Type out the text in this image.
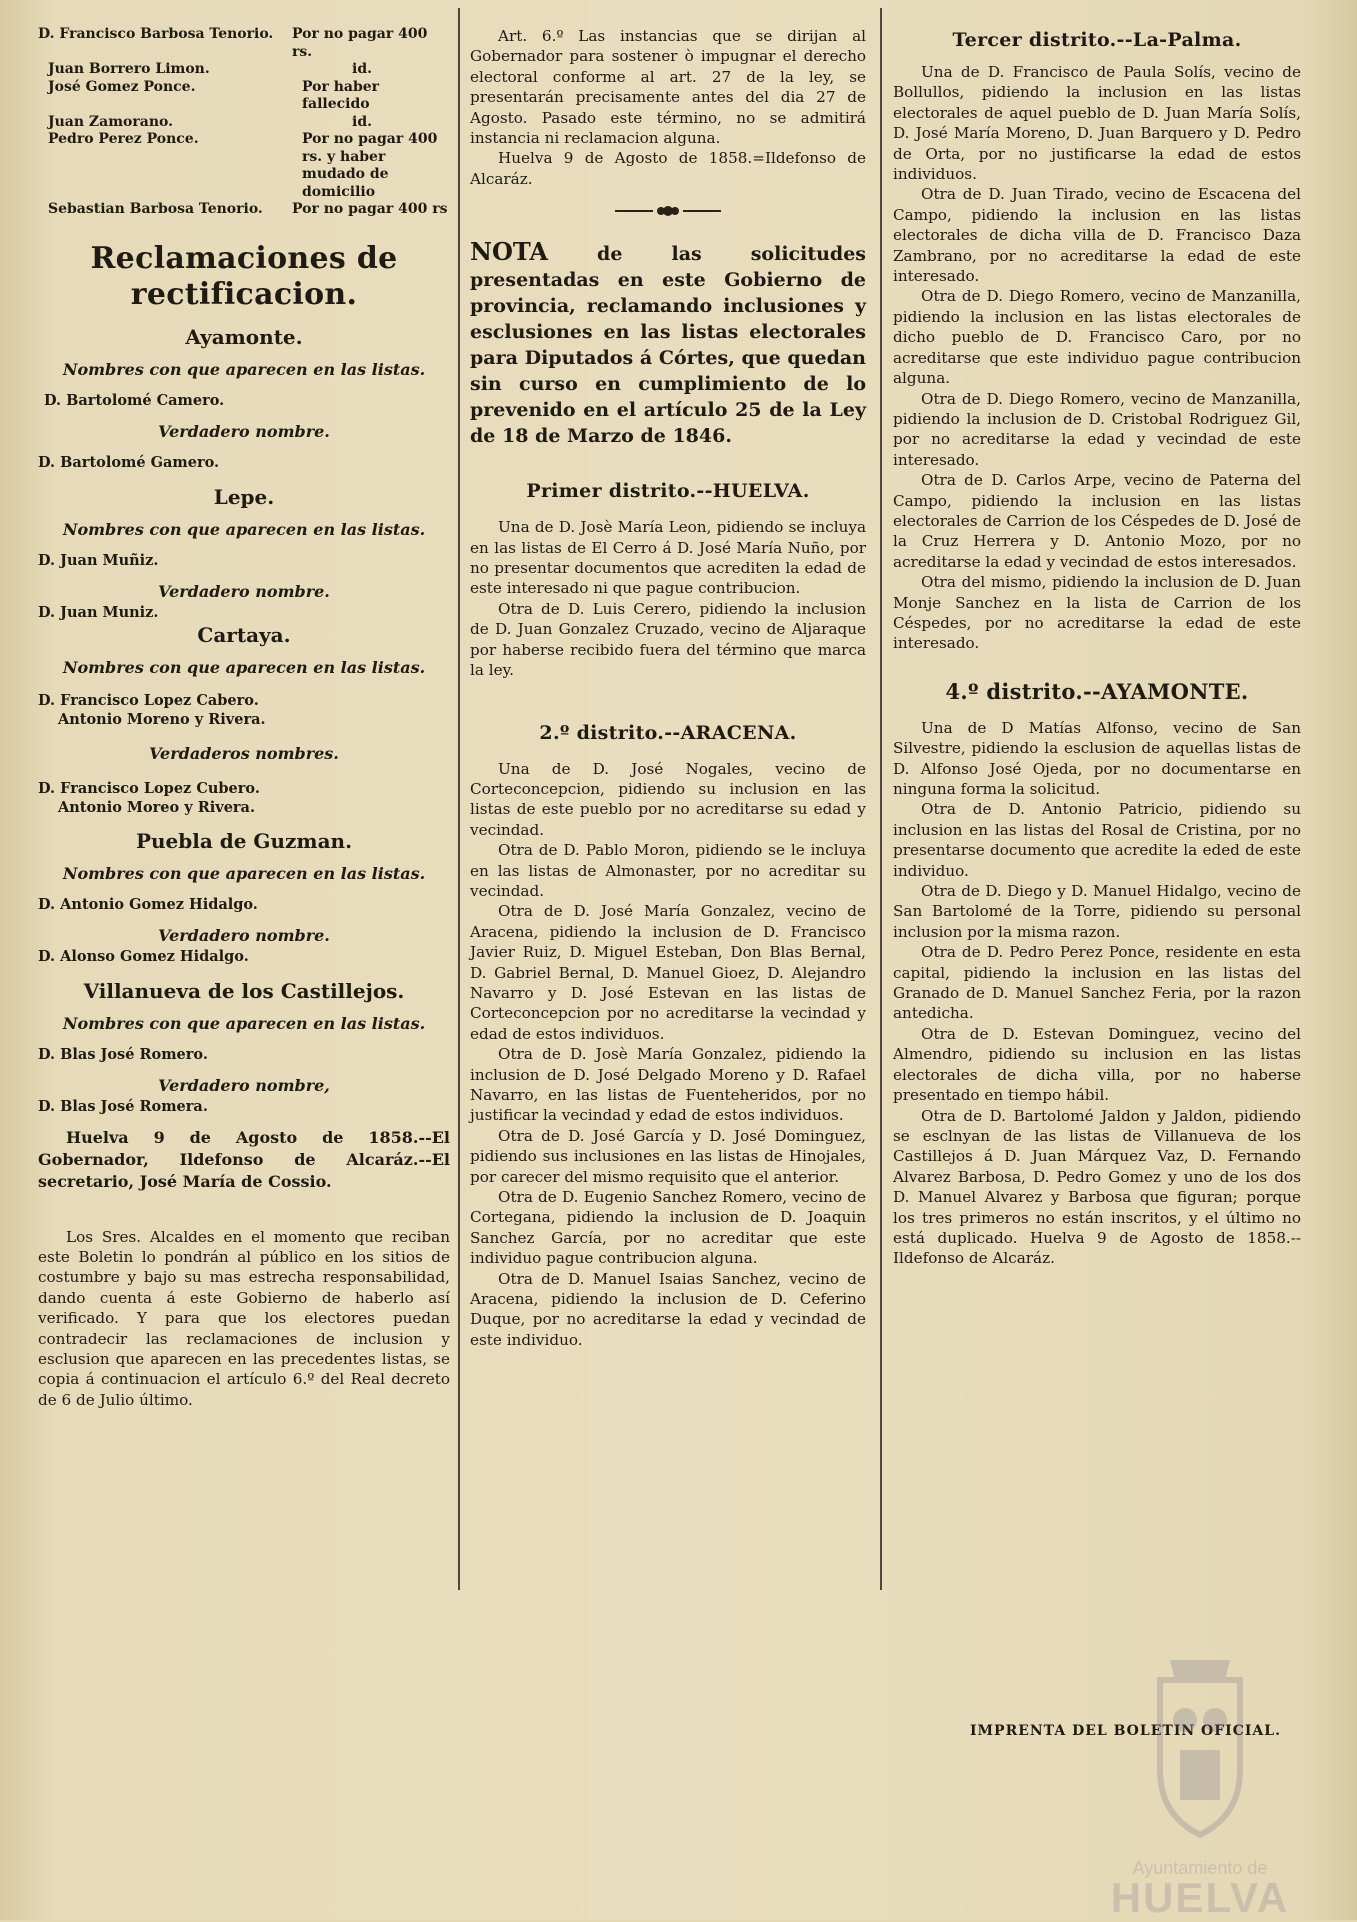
D. Francisco Barbosa Tenorio.	Por no pagar 400 rs.
Juan Borrero Limon.	id.
José Gomez Ponce.	Por haber fallecido
Juan Zamorano.	id.
Pedro Perez Ponce.	Por no pagar 400 rs. y haber mudado de domicilio
Sebastian Barbosa Tenorio.	Por no pagar 400 rs
Reclamaciones de rectificacion.
Ayamonte.
Nombres con que aparecen en las listas.
D. Bartolomé Camero.
Verdadero nombre.
D. Bartolomé Gamero.
Lepe.
Nombres con que aparecen en las listas.
D. Juan Muñiz.
Verdadero nombre.
D. Juan Muniz.
Cartaya.
Nombres con que aparecen en las listas.
D. Francisco Lopez Cabero.
Antonio Moreno y Rivera.
Verdaderos nombres.
D. Francisco Lopez Cubero.
Antonio Moreo y Rivera.
Puebla de Guzman.
Nombres con que aparecen en las listas.
D. Antonio Gomez Hidalgo.
Verdadero nombre.
D. Alonso Gomez Hidalgo.
Villanueva de los Castillejos.
Nombres con que aparecen en las listas.
D. Blas José Romero.
Verdadero nombre,
D. Blas José Romera.

Huelva 9 de Agosto de 1858.--El Gobernador, Ildefonso de Alcaráz.--El secretario, José María de Cossio.

Los Sres. Alcaldes en el momento que reciban este Boletin lo pondrán al público en los sitios de costumbre y bajo su mas estrecha responsabilidad, dando cuenta á este Gobierno de haberlo así verificado. Y para que los electores puedan contradecir las reclamaciones de inclusion y esclusion que aparecen en las precedentes listas, se copia á continuacion el artículo 6.º del Real decreto de 6 de Julio último.

Art. 6.º Las instancias que se dirijan al Gobernador para sostener ò impugnar el derecho electoral conforme al art. 27 de la ley, se presentarán precisamente antes del dia 27 de Agosto. Pasado este término, no se admitirá instancia ni reclamacion alguna.

Huelva 9 de Agosto de 1858.=Ildefonso de Alcaráz.

NOTA de las solicitudes presentadas en este Gobierno de provincia, reclamando inclusiones y esclusiones en las listas electorales para Diputados á Córtes, que quedan sin curso en cumplimiento de lo prevenido en el artículo 25 de la Ley de 18 de Marzo de 1846.

Primer distrito.--HUELVA.

Una de D. Josè María Leon, pidiendo se incluya en las listas de El Cerro á D. José María Nuño, por no presentar documentos que acrediten la edad de este interesado ni que pague contribucion.

Otra de D. Luis Cerero, pidiendo la inclusion de D. Juan Gonzalez Cruzado, vecino de Aljaraque por haberse recibido fuera del término que marca la ley.

2.º distrito.--ARACENA.

Una de D. José Nogales, vecino de Corteconcepcion, pidiendo su inclusion en las listas de este pueblo por no acreditarse su edad y vecindad.

Otra de D. Pablo Moron, pidiendo se le incluya en las listas de Almonaster, por no acreditar su vecindad.

Otra de D. José María Gonzalez, vecino de Aracena, pidiendo la inclusion de D. Francisco Javier Ruiz, D. Miguel Esteban, Don Blas Bernal, D. Gabriel Bernal, D. Manuel Gioez, D. Alejandro Navarro y D. José Estevan en las listas de Corteconcepcion por no acreditarse la vecindad y edad de estos individuos.

Otra de D. Josè María Gonzalez, pidiendo la inclusion de D. José Delgado Moreno y D. Rafael Navarro, en las listas de Fuenteheridos, por no justificar la vecindad y edad de estos individuos.

Otra de D. José García y D. José Dominguez, pidiendo sus inclusiones en las listas de Hinojales, por carecer del mismo requisito que el anterior.

Otra de D. Eugenio Sanchez Romero, vecino de Cortegana, pidiendo la inclusion de D. Joaquin Sanchez García, por no acreditar que este individuo pague contribucion alguna.

Otra de D. Manuel Isaias Sanchez, vecino de Aracena, pidiendo la inclusion de D. Ceferino Duque, por no acreditarse la edad y vecindad de este individuo.

Tercer distrito.--La-Palma.

Una de D. Francisco de Paula Solís, vecino de Bollullos, pidiendo la inclusion en las listas electorales de aquel pueblo de D. Juan María Solís, D. José María Moreno, D. Juan Barquero y D. Pedro de Orta, por no justificarse la edad de estos individuos.

Otra de D. Juan Tirado, vecino de Escacena del Campo, pidiendo la inclusion en las listas electorales de dicha villa de D. Francisco Daza Zambrano, por no acreditarse la edad de este interesado.

Otra de D. Diego Romero, vecino de Manzanilla, pidiendo la inclusion en las listas electorales de dicho pueblo de D. Francisco Caro, por no acreditarse que este individuo pague contribucion alguna.

Otra de D. Diego Romero, vecino de Manzanilla, pidiendo la inclusion de D. Cristobal Rodriguez Gil, por no acreditarse la edad y vecindad de este interesado.

Otra de D. Carlos Arpe, vecino de Paterna del Campo, pidiendo la inclusion en las listas electorales de Carrion de los Céspedes de D. José de la Cruz Herrera y D. Antonio Mozo, por no acreditarse la edad y vecindad de estos interesados.

Otra del mismo, pidiendo la inclusion de D. Juan Monje Sanchez en la lista de Carrion de los Céspedes, por no acreditarse la edad de este interesado.

4.º distrito.--AYAMONTE.

Una de D Matías Alfonso, vecino de San Silvestre, pidiendo la esclusion de aquellas listas de D. Alfonso José Ojeda, por no documentarse en ninguna forma la solicitud.

Otra de D. Antonio Patricio, pidiendo su inclusion en las listas del Rosal de Cristina, por no presentarse documento que acredite la eded de este individuo.

Otra de D. Diego y D. Manuel Hidalgo, vecino de San Bartolomé de la Torre, pidiendo su personal inclusion por la misma razon.

Otra de D. Pedro Perez Ponce, residente en esta capital, pidiendo la inclusion en las listas del Granado de D. Manuel Sanchez Feria, por la razon antedicha.

Otra de D. Estevan Dominguez, vecino del Almendro, pidiendo su inclusion en las listas electorales de dicha villa, por no haberse presentado en tiempo hábil.

Otra de D. Bartolomé Jaldon y Jaldon, pidiendo se esclnyan de las listas de Villanueva de los Castillejos á D. Juan Márquez Vaz, D. Fernando Alvarez Barbosa, D. Pedro Gomez y uno de los dos D. Manuel Alvarez y Barbosa que figuran; porque los tres primeros no están inscritos, y el último no está duplicado. Huelva 9 de Agosto de 1858.--Ildefonso de Alcaráz.

IMPRENTA DEL BOLETIN OFICIAL.
Ayuntamiento de
HUELVA
